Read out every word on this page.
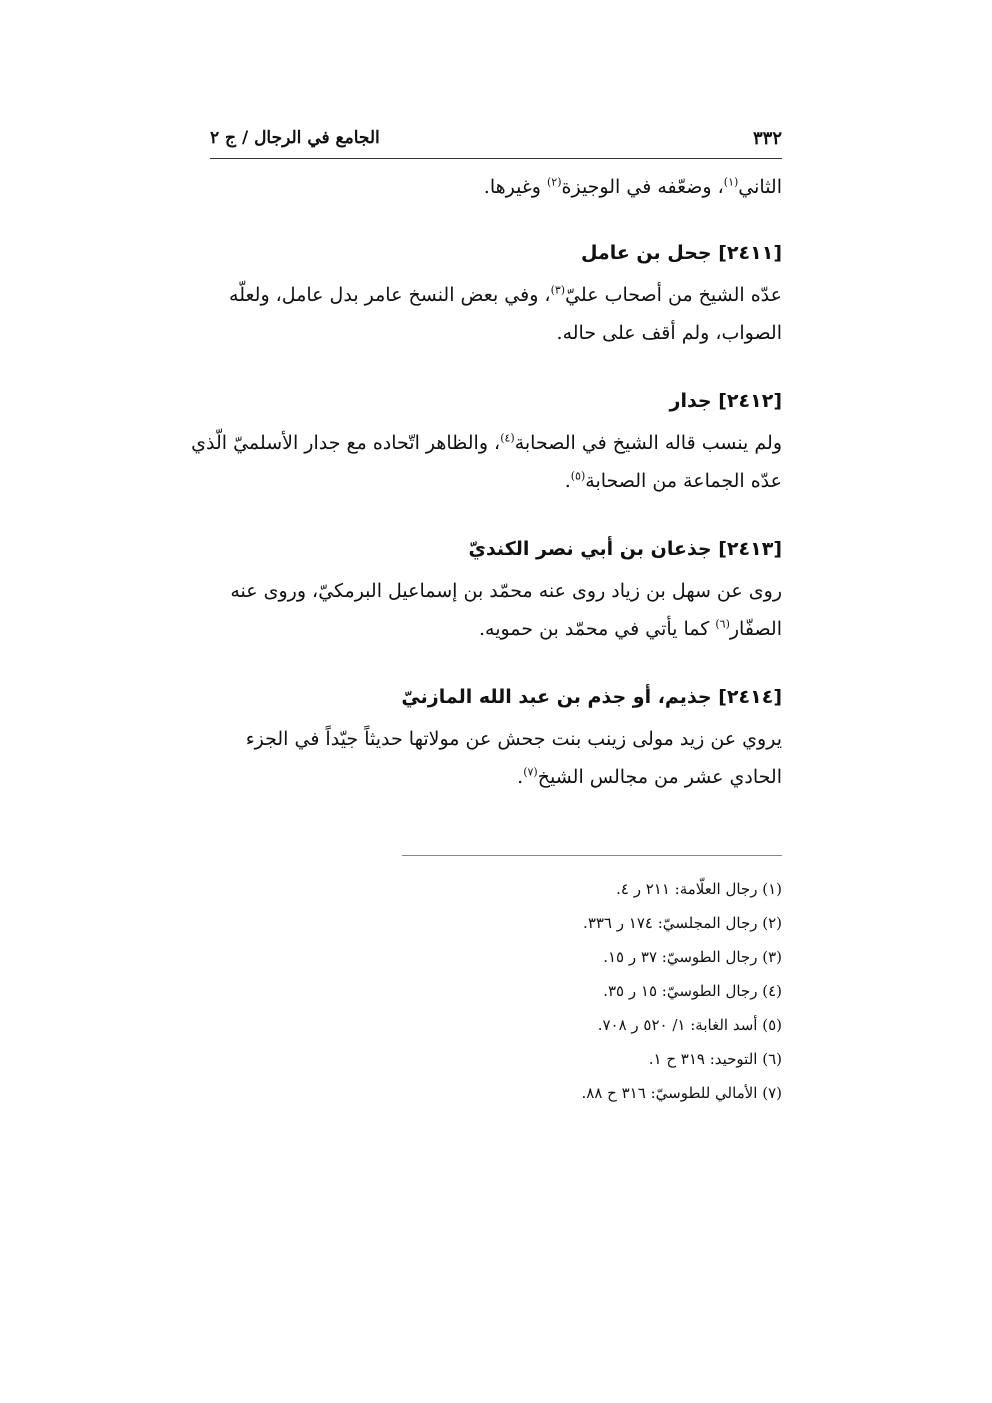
الجامع في الرجال / ج ٢	٣٣٢
الثاني$^{(١)}$، وضعّفه في الوجيزة$^{(٢)}$ وغيرها.
[٢٤١١] جحل بن عامل
عدّه الشيخ من أصحاب عليّ$^{(٣)}$، وفي بعض النسخ عامر بدل عامل، ولعلّه
الصواب، ولم أقف على حاله.
[٢٤١٢] جدار
ولم ينسب قاله الشيخ في الصحابة$^{(٤)}$، والظاهر اتّحاده مع جدار الأسلميّ الّذي
عدّه الجماعة من الصحابة$^{(٥)}$.
[٢٤١٣] جذعان بن أبي نصر الكنديّ
روى عن سهل بن زياد روى عنه محمّد بن إسماعيل البرمكيّ، وروى عنه
الصفّار$^{(٦)}$ كما يأتي في محمّد بن حمويه.
[٢٤١٤] جذيم، أو جذم بن عبد الله المازنيّ
يروي عن زيد مولى زينب بنت جحش عن مولاتها حديثاً جيّداً في الجزء
الحادي عشر من مجالس الشيخ$^{(٧)}$.
(١) رجال العلّامة: ٢١١ ر ٤.
(٢) رجال المجلسيّ: ١٧٤ ر ٣٣٦.
(٣) رجال الطوسيّ: ٣٧ ر ١٥.
(٤) رجال الطوسيّ: ١٥ ر ٣٥.
(٥) أسد الغابة: ١/ ٥٢٠ ر ٧٠٨.
(٦) التوحيد: ٣١٩ ح ١.
(٧) الأمالي للطوسيّ: ٣١٦ ح ٨٨.
